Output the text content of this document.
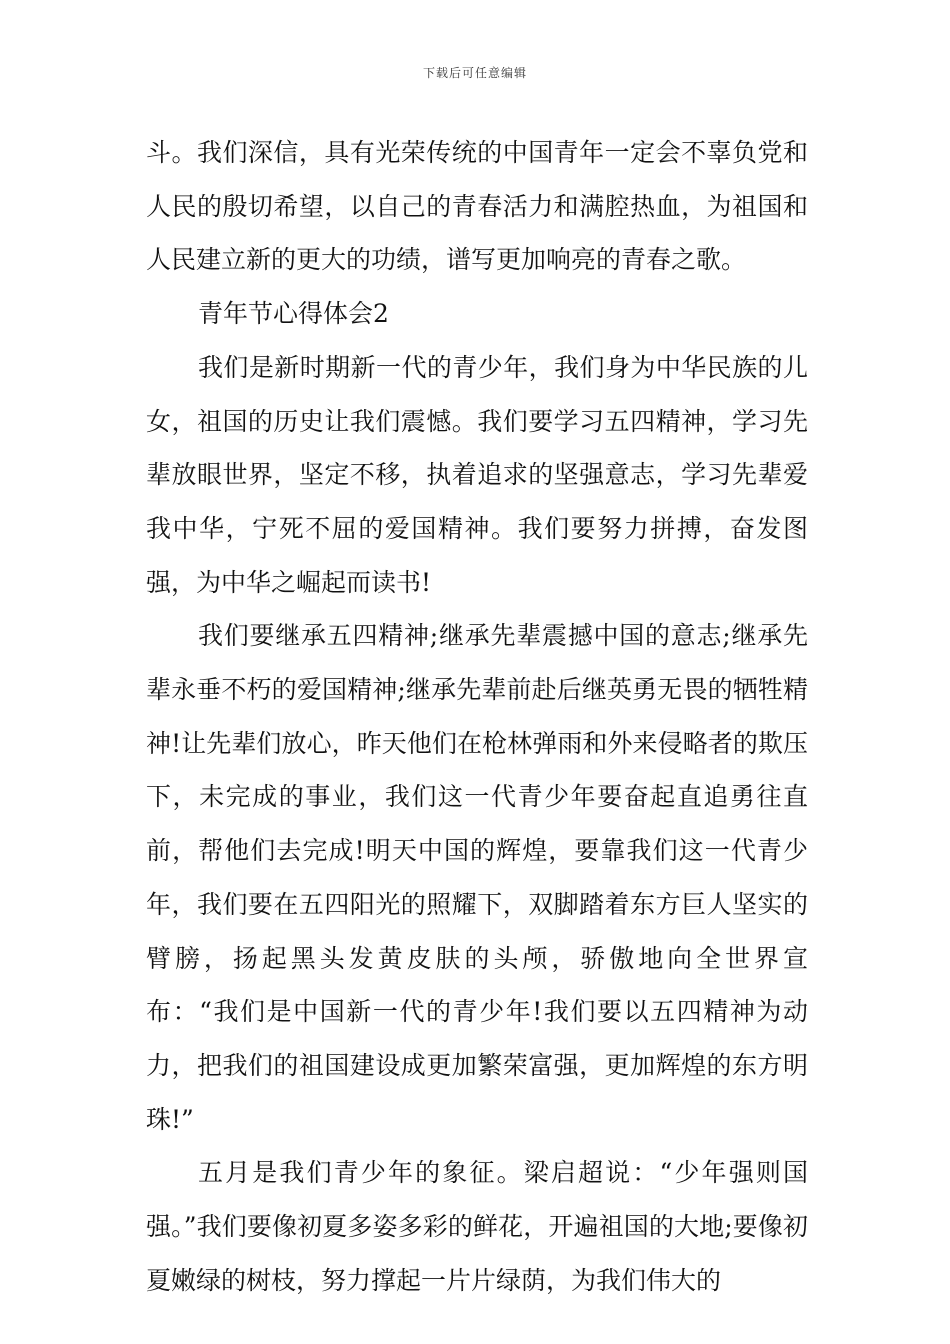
下载后可任意编辑

斗。我们深信，具有光荣传统的中国青年一定会不辜负党和人民的殷切希望，以自己的青春活力和满腔热血，为祖国和人民建立新的更大的功绩，谱写更加响亮的青春之歌。

青年节心得体会2

我们是新时期新一代的青少年，我们身为中华民族的儿女，祖国的历史让我们震憾。我们要学习五四精神，学习先辈放眼世界，坚定不移，执着追求的坚强意志，学习先辈爱我中华，宁死不屈的爱国精神。我们要努力拼搏，奋发图强，为中华之崛起而读书!

我们要继承五四精神;继承先辈震撼中国的意志;继承先辈永垂不朽的爱国精神;继承先辈前赴后继英勇无畏的牺牲精神!让先辈们放心，昨天他们在枪林弹雨和外来侵略者的欺压下，未完成的事业，我们这一代青少年要奋起直追勇往直前，帮他们去完成!明天中国的辉煌，要靠我们这一代青少年，我们要在五四阳光的照耀下，双脚踏着东方巨人坚实的臂膀，扬起黑头发黄皮肤的头颅，骄傲地向全世界宣布：“我们是中国新一代的青少年!我们要以五四精神为动力，把我们的祖国建设成更加繁荣富强，更加辉煌的东方明珠!”

五月是我们青少年的象征。梁启超说：“少年强则国强。”我们要像初夏多姿多彩的鲜花，开遍祖国的大地;要像初夏嫩绿的树枝，努力撑起一片片绿荫，为我们伟大的
